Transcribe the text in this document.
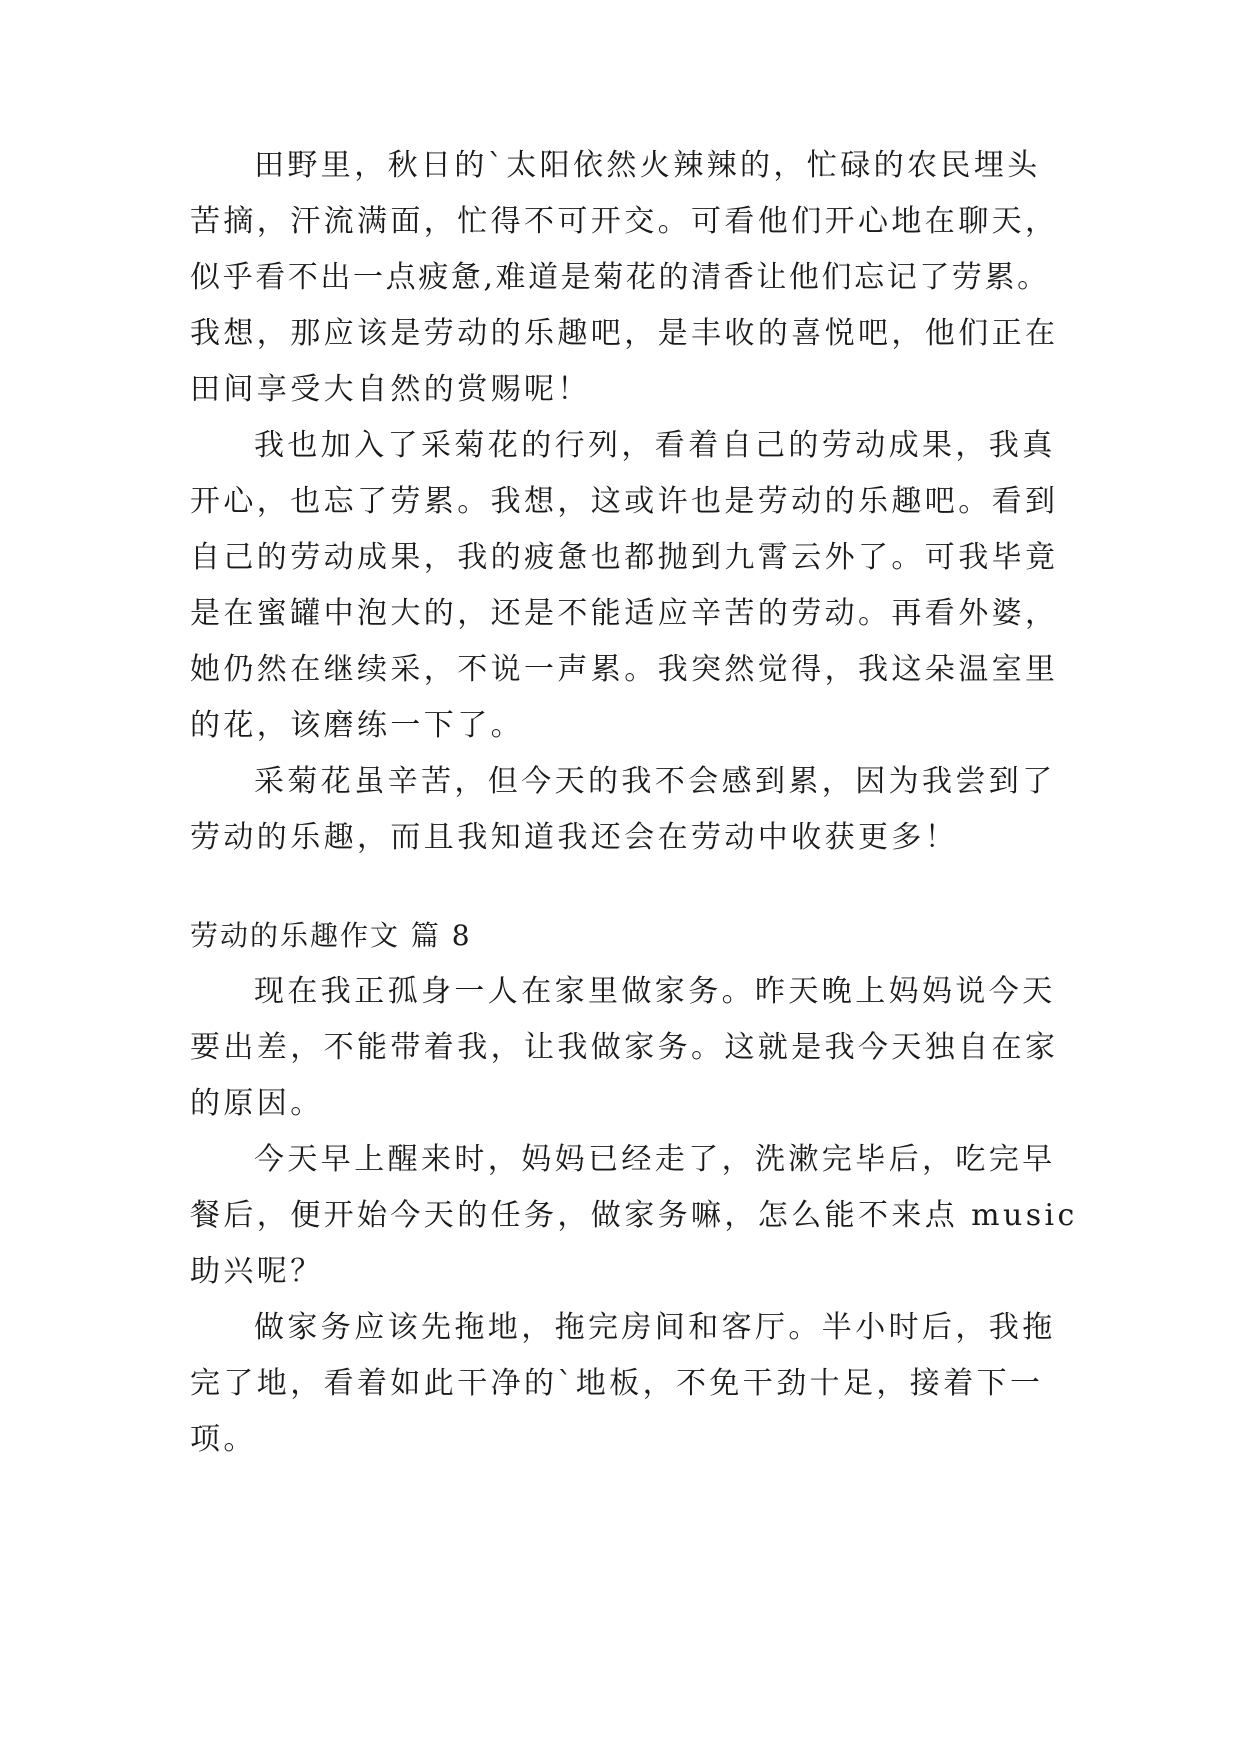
田野里，秋日的`太阳依然火辣辣的，忙碌的农民埋头
苦摘，汗流满面，忙得不可开交。可看他们开心地在聊天，
似乎看不出一点疲惫,难道是菊花的清香让他们忘记了劳累。
我想，那应该是劳动的乐趣吧，是丰收的喜悦吧，他们正在
田间享受大自然的赏赐呢！
我也加入了采菊花的行列，看着自己的劳动成果，我真
开心，也忘了劳累。我想，这或许也是劳动的乐趣吧。看到
自己的劳动成果，我的疲惫也都抛到九霄云外了。可我毕竟
是在蜜罐中泡大的，还是不能适应辛苦的劳动。再看外婆，
她仍然在继续采，不说一声累。我突然觉得，我这朵温室里
的花，该磨练一下了。
采菊花虽辛苦，但今天的我不会感到累，因为我尝到了
劳动的乐趣，而且我知道我还会在劳动中收获更多！
劳动的乐趣作文 篇 8
现在我正孤身一人在家里做家务。昨天晚上妈妈说今天
要出差，不能带着我，让我做家务。这就是我今天独自在家
的原因。
今天早上醒来时，妈妈已经走了，洗漱完毕后，吃完早
餐后，便开始今天的任务，做家务嘛，怎么能不来点 music
助兴呢？
做家务应该先拖地，拖完房间和客厅。半小时后，我拖
完了地，看着如此干净的`地板，不免干劲十足，接着下一
项。
